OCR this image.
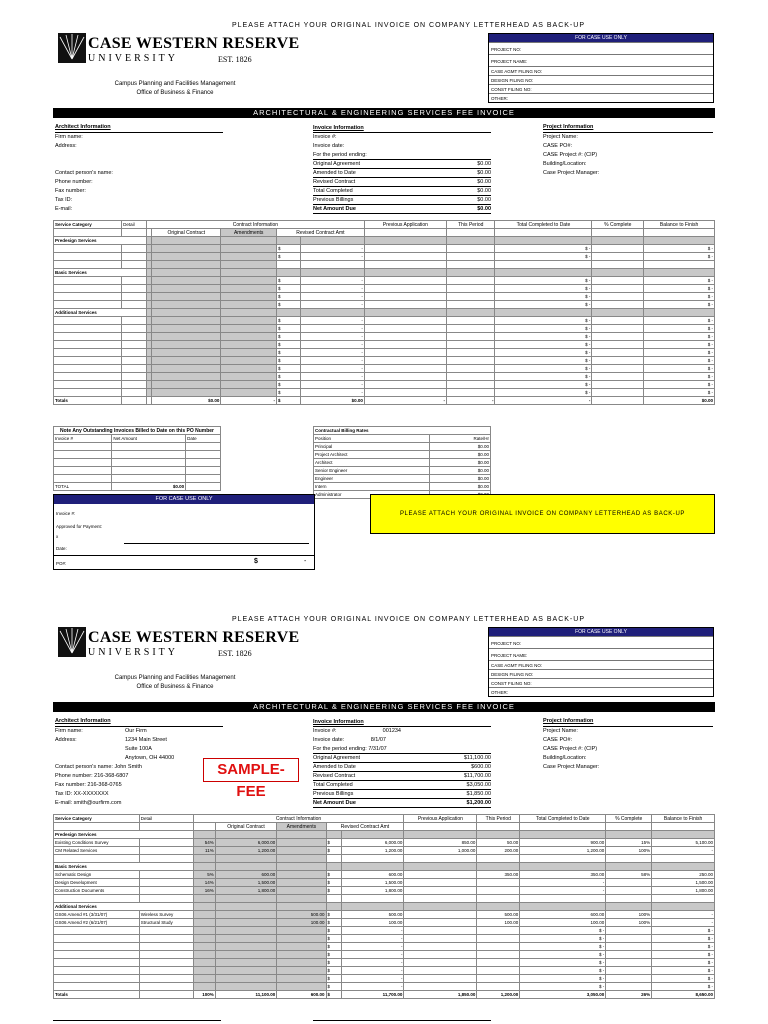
PLEASE ATTACH YOUR ORIGINAL INVOICE ON COMPANY LETTERHEAD AS BACK-UP
CASE WESTERN RESERVE
UNIVERSITY	EST. 1826
Campus Planning and Facilities Management
Office of Business & Finance
FOR CASE USE ONLY
PROJECT NO:
PROJECT NAME:
CASE AGMT FILING NO:
DESIGN FILING NO:
CONST FILING NO:
OTHER:
ARCHITECTURAL & ENGINEERING SERVICES FEE INVOICE
Architect Information
Firm name:
Address:
Contact person's name:
Phone number:
Fax number:
Tax ID:
E-mail:
Invoice Information
Invoice #:
Invoice date:
For the period ending:
Original Agreement	$0.00
Amended to Date	$0.00
Revised Contract	$0.00
Total Completed	$0.00
Previous Billings	$0.00
Net Amount Due	$0.00
Project Information
Project Name:
CASE PO#:
CASE Project #: (CIP)
Building/Location:
Case Project Manager:
Service Category	Detail	Contract Information					Previous Application	This Period	Total Completed to Date	% Complete	Balance to Finish
			Original Contract	Amendments	Revised Contract Amt						
Predesign Services											
					$	-			$ -		$ -
					$	-			$ -		$ -

Basic Services											
					$	-			$ -		$ -
					$	-			$ -		$ -
					$	-			$ -		$ -
					$	-			$ -		$ -
Additional Services											
					$	-			$ -		$ -
					$	-			$ -		$ -
					$	-			$ -		$ -
					$	-			$ -		$ -
					$	-			$ -		$ -
					$	-			$ -		$ -
					$	-			$ -		$ -
					$	-			$ -		$ -
					$	-			$ -		$ -
					$	-			$ -		$ -
Totals			$0.00	-	$	$0.00	-	-	-		$0.00
Note Any Outstanding Invoices Billed to Date on this PO Number		
Invoice #	Net Amount	Date

TOTAL	$0.00	
Contractual Billing Rates	
Position	Rate/Hr
Principal	$0.00
Project Architect	$0.00
Architect	$0.00
Senior Engineer	$0.00
Engineer	$0.00
Intern	$0.00
Administrator	
FOR CASE USE ONLY
Invoice #:
Approved for Payment:
x
Date:
PO#:	$	-
PLEASE ATTACH YOUR ORIGINAL INVOICE ON COMPANY LETTERHEAD AS BACK-UP
PLEASE ATTACH YOUR ORIGINAL INVOICE ON COMPANY LETTERHEAD AS BACK-UP
CASE WESTERN RESERVE
UNIVERSITY	EST. 1826
Campus Planning and Facilities Management
Office of Business & Finance
FOR CASE USE ONLY
PROJECT NO:
PROJECT NAME:
CASE AGMT FILING NO:
DESIGN FILING NO:
CONST FILING NO:
OTHER:
ARCHITECTURAL & ENGINEERING SERVICES FEE INVOICE
Architect Information
Firm name:	Our Firm
Address:	1234 Main Street
Suite 100A
Anytown, OH 44000
Contact person's name: John Smith
Phone number: 216-368-6807
Fax number: 216-368-0765
Tax ID: XX-XXXXXXX
E-mail: smith@ourfirm.com
SAMPLE-FEE
Invoice Information
Invoice #:	001234
Invoice date:	8/1/07
For the period ending: 7/31/07
Original Agreement	$11,100.00
Amended to Date	$600.00
Revised Contract	$11,700.00
Total Completed	$3,050.00
Previous Billings	$1,850.00
Net Amount Due	$1,200.00
Project Information
Project Name:
CASE PO#:
CASE Project #: (CIP)
Building/Location:
Case Project Manager:
Service Category	Detail	Contract Information					Previous Application	This Period	Total Completed to Date	% Complete	Balance to Finish
			Original Contract	Amendments	Revised Contract Amt						
Predesign Services											
Existing Conditions Survey		54%	6,000.00		$	6,000.00	850.00	50.00	900.00	15%	5,100.00
CM Related Services		11%	1,200.00		$	1,200.00	1,000.00	200.00	1,200.00	100%	-

Basic Services											
Schematic Design		5%	600.00		$	600.00		350.00	350.00	58%	250.00
Design Development		14%	1,500.00		$	1,500.00			-		1,500.00
Construction Documents		16%	1,800.00		$	1,800.00			-		1,800.00

Additional Services											
GS06 Amend #1 (3/31/07)	Wireless Survey			500.00	$	500.00		500.00	600.00	100%	-
GS06 Amend #2 (6/21/07)	Structural Study			100.00	$	100.00		100.00	100.00	100%	-
					$	-			$ -		$ -
					$	-			$ -		$ -
					$	-			$ -		$ -
					$	-			$ -		$ -
					$	-			$ -		$ -
					$	-			$ -		$ -
					$	-			$ -		$ -
					$	-			$ -		$ -
Totals		100%	11,100.00	600.00	$	11,700.00	1,850.00	1,200.00	3,050.00	26%	8,650.00
